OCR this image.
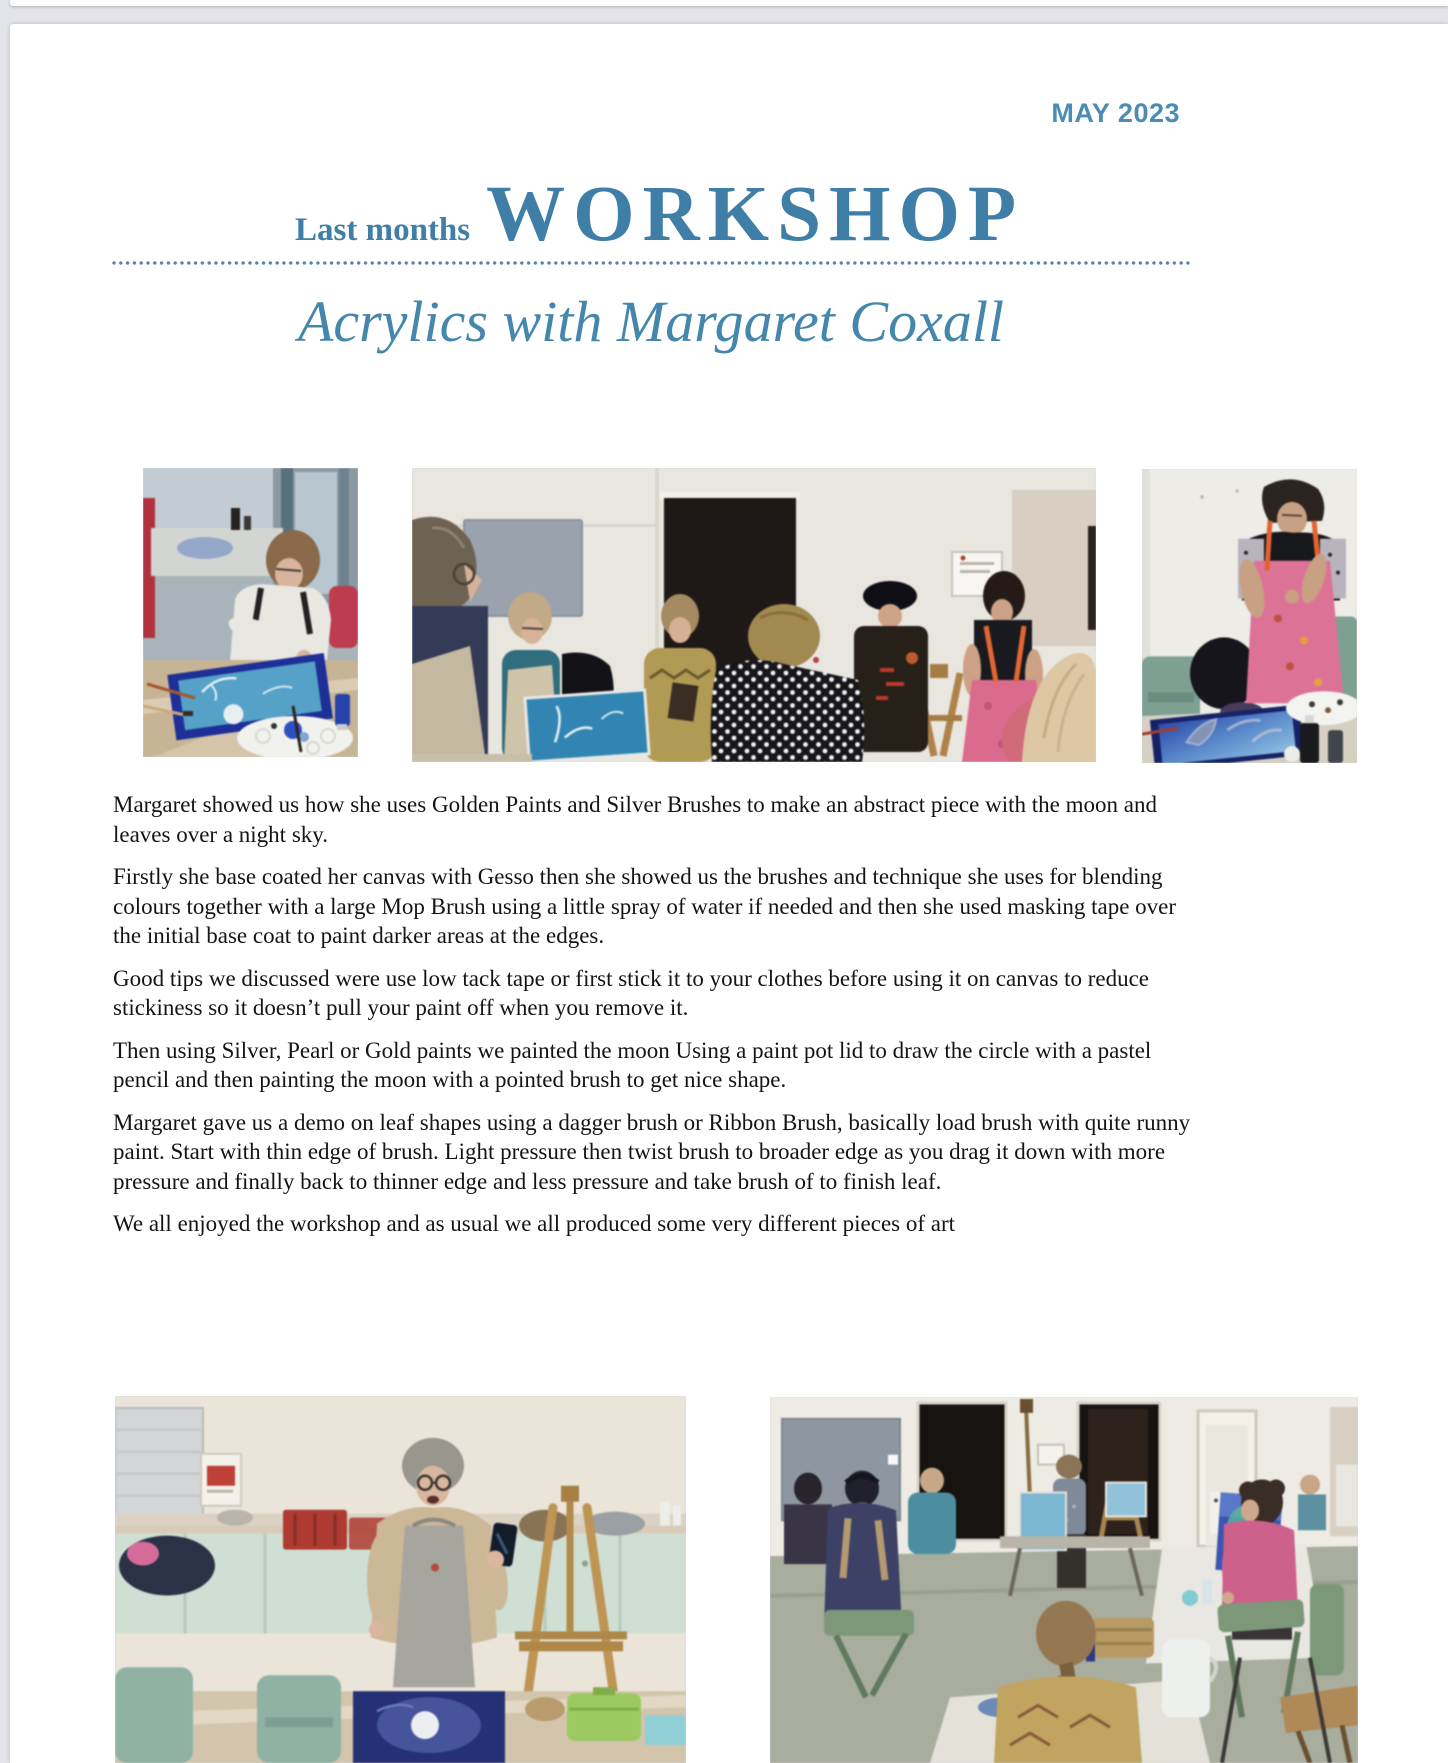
MAY 2023
Last months WORKSHOP
Acrylics with Margaret Coxall

Margaret showed us how she uses Golden Paints and Silver Brushes to make an abstract piece with the moon and leaves over a night sky.

Firstly she base coated her canvas with Gesso then she showed us the brushes and technique she uses for blending colours together with a large Mop Brush using a little spray of water if needed and then she used masking tape over the initial base coat to paint darker areas at the edges.

Good tips we discussed were use low tack tape or first stick it to your clothes before using it on canvas to reduce stickiness so it doesn’t pull your paint off when you remove it.

Then using Silver, Pearl or Gold paints we painted the moon Using a paint pot lid to draw the circle with a pastel pencil and then painting the moon with a pointed brush to get nice shape.

Margaret gave us a demo on leaf shapes using a dagger brush or Ribbon Brush, basically load brush with quite runny paint. Start with thin edge of brush. Light pressure then twist brush to broader edge as you drag it down with more pressure and finally back to thinner edge and less pressure and take brush of to finish leaf.

We all enjoyed the workshop and as usual we all produced some very different pieces of art
